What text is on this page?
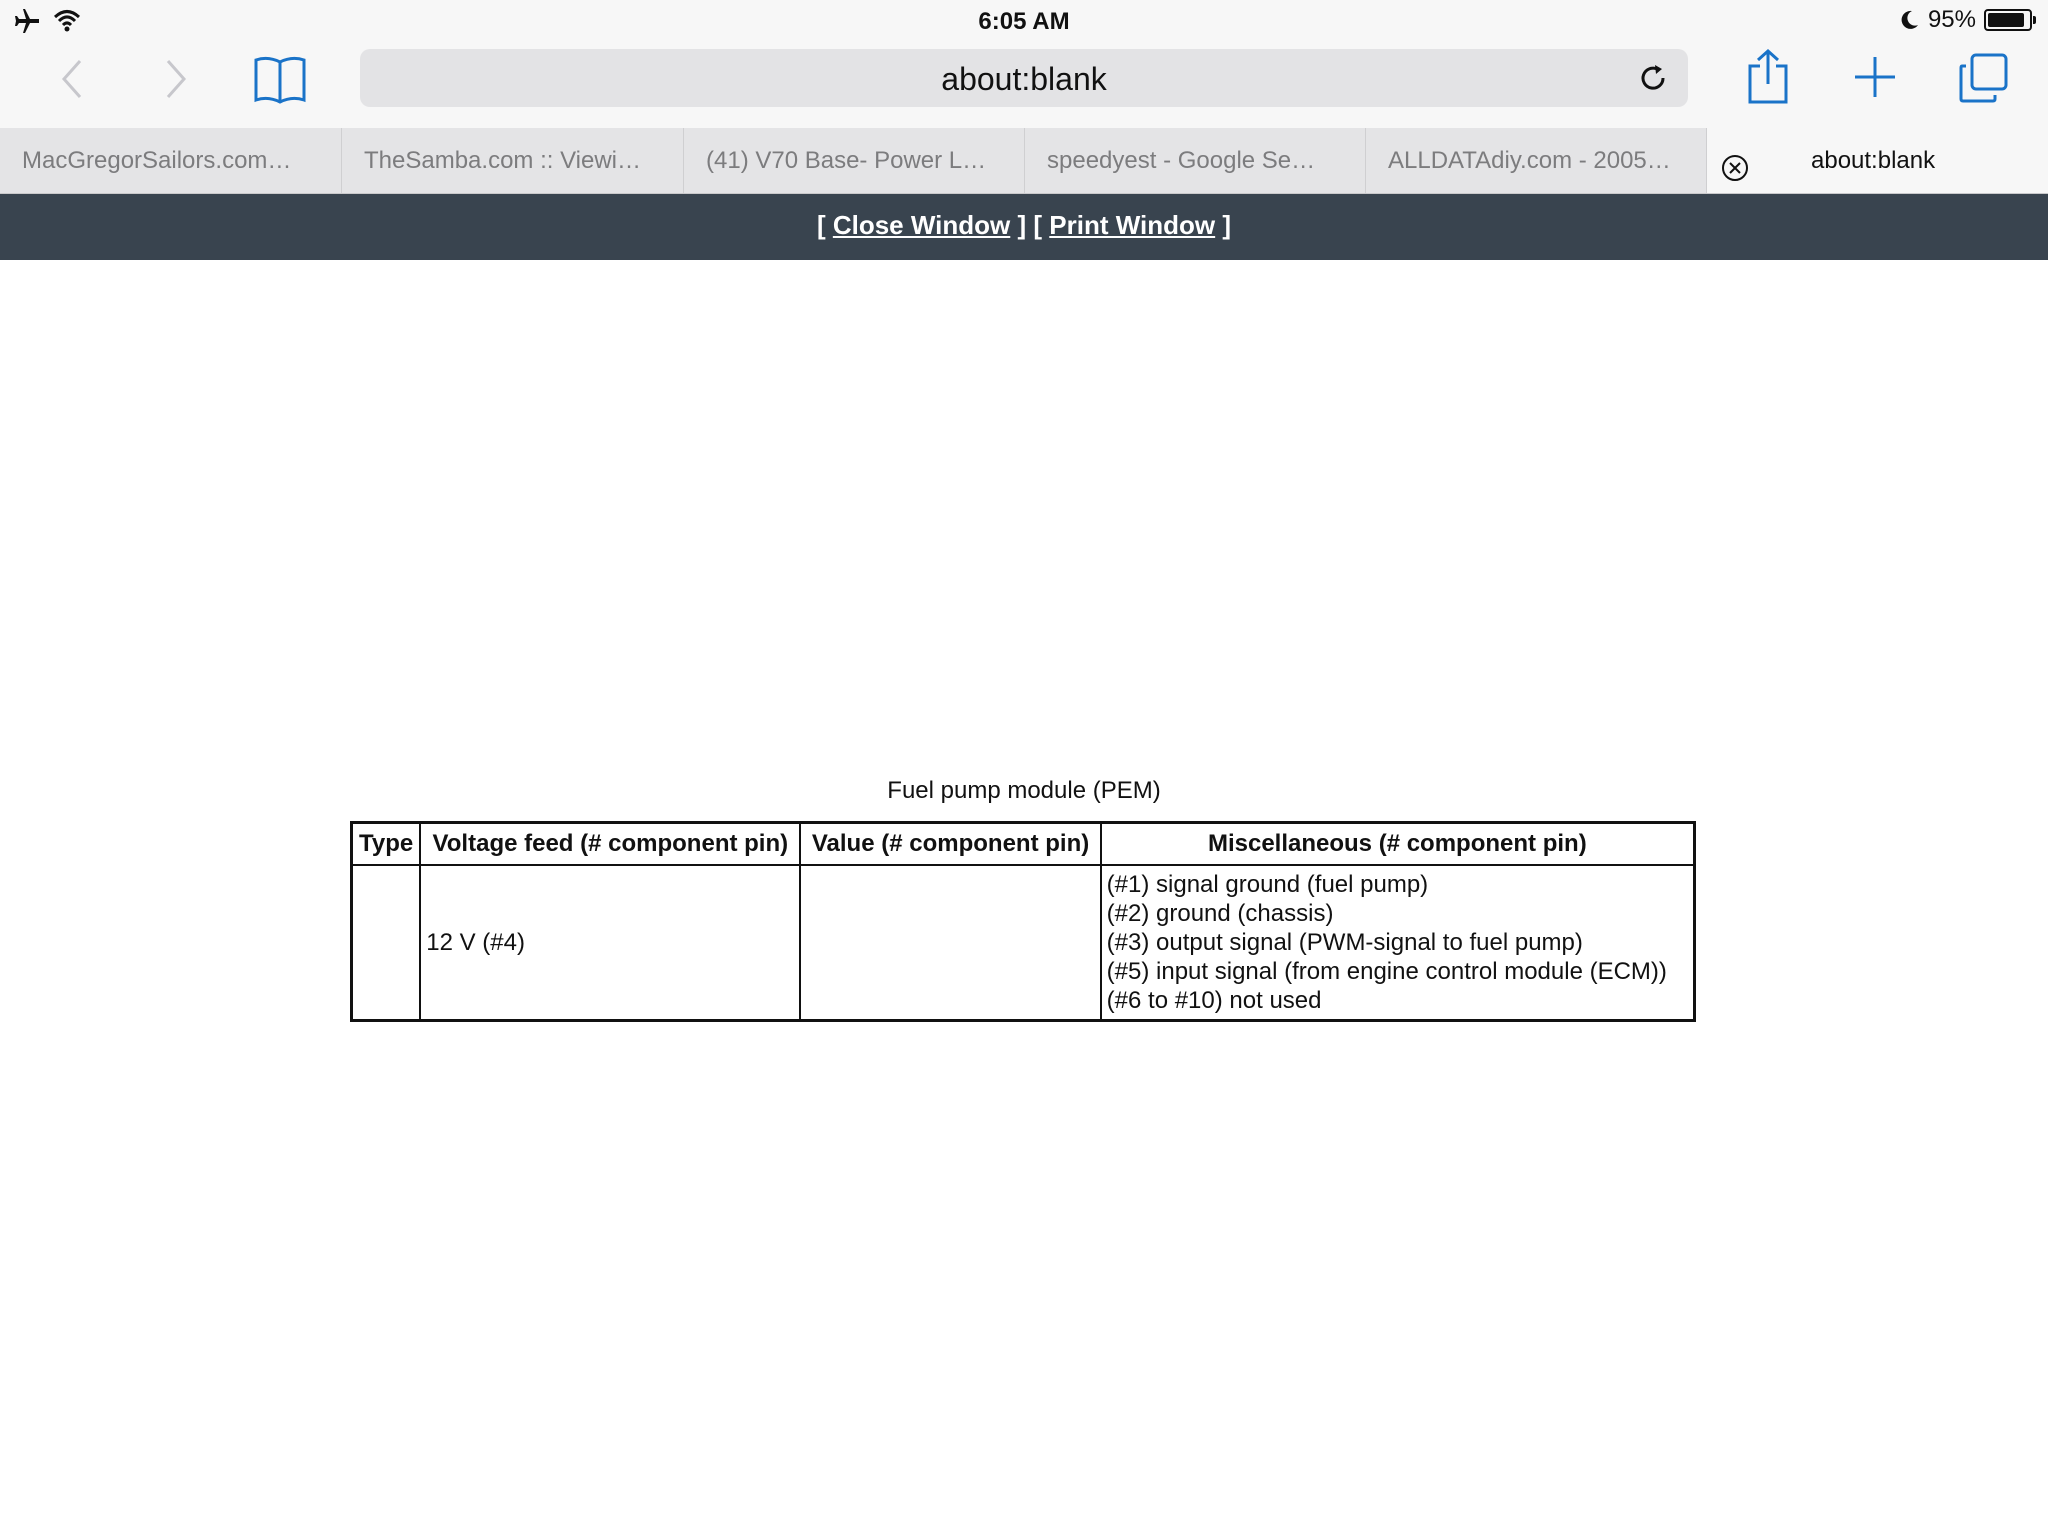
6:05 AM	95%
about:blank
MacGregorSailors.com…	TheSamba.com :: Viewi…	(41) V70 Base- Power L…	speedyest - Google Se…	ALLDATAdiy.com - 2005…	about:blank
[ Close Window ] [ Print Window ]
Fuel pump module (PEM)
Type	Voltage feed (# component pin)	Value (# component pin)	Miscellaneous (# component pin)
	12 V (#4)		(#1) signal ground (fuel pump)
(#2) ground (chassis)
(#3) output signal (PWM-signal to fuel pump)
(#5) input signal (from engine control module (ECM))
(#6 to #10) not used
